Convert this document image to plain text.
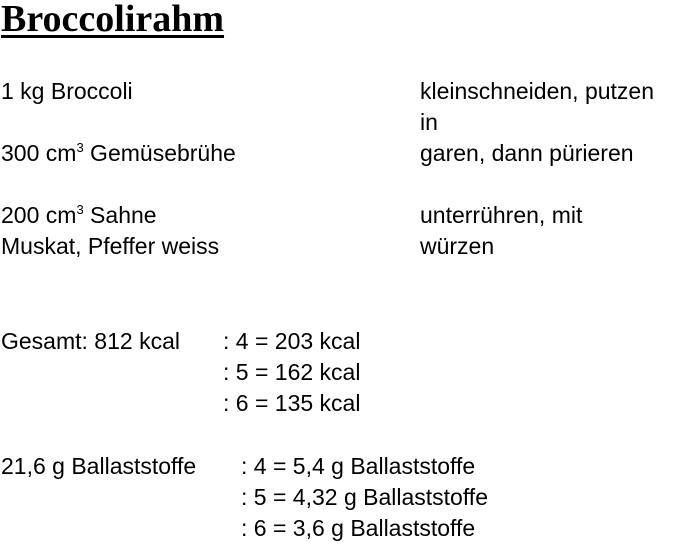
Broccolirahm
1 kg Broccoli	kleinschneiden, putzen
in
300 $cm^3$ Gemüsebrühe	garen, dann pürieren
200 $cm^3$ Sahne	unterrühren, mit
Muskat, Pfeffer weiss	würzen
Gesamt: 812 kcal : 4 = 203 kcal
: 5 = 162 kcal
: 6 = 135 kcal
21,6 g Ballaststoffe : 4 = 5,4 g Ballaststoffe
: 5 = 4,32 g Ballaststoffe
: 6 = 3,6 g Ballaststoffe
